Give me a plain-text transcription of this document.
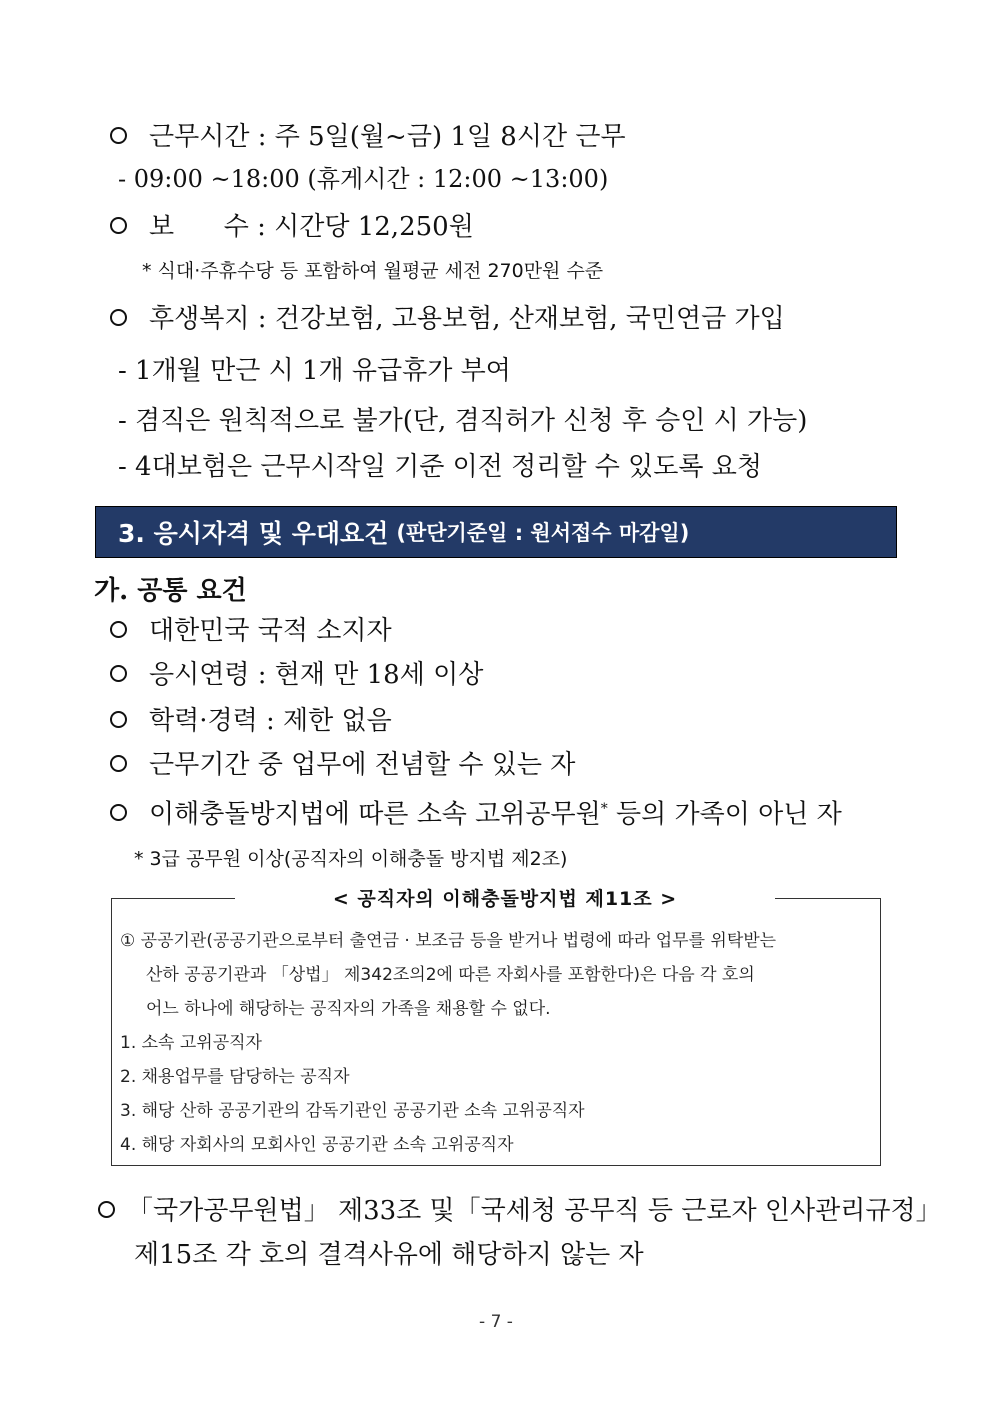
근무시간 : 주 5일(월~금) 1일 8시간 근무
- 09:00 ~18:00 (휴게시간 : 12:00 ~13:00)
보      수 : 시간당 12,250원
* 식대·주휴수당 등 포함하여 월평균 세전 270만원 수준
후생복지 : 건강보험, 고용보험, 산재보험, 국민연금 가입
- 1개월 만근 시 1개 유급휴가 부여
- 겸직은 원칙적으로 불가(단, 겸직허가 신청 후 승인 시 가능)
- 4대보험은 근무시작일 기준 이전 정리할 수 있도록 요청
3. 응시자격 및 우대요건 (판단기준일 : 원서접수 마감일)
가. 공통 요건
대한민국 국적 소지자
응시연령 : 현재 만 18세 이상
학력·경력 : 제한 없음
근무기간 중 업무에 전념할 수 있는 자
이해충돌방지법에 따른 소속 고위공무원* 등의 가족이 아닌 자
* 3급 공무원 이상(공직자의 이해충돌 방지법 제2조)
< 공직자의 이해충돌방지법 제11조 >
① 공공기관(공공기관으로부터 출연금 · 보조금 등을 받거나 법령에 따라 업무를 위탁받는
산하 공공기관과 「상법」 제342조의2에 따른 자회사를 포함한다)은 다음 각 호의
어느 하나에 해당하는 공직자의 가족을 채용할 수 없다.
1. 소속 고위공직자
2. 채용업무를 담당하는 공직자
3. 해당 산하 공공기관의 감독기관인 공공기관 소속 고위공직자
4. 해당 자회사의 모회사인 공공기관 소속 고위공직자
「국가공무원법」 제33조 및「국세청 공무직 등 근로자 인사관리규정」
제15조 각 호의 결격사유에 해당하지 않는 자
- 7 -
